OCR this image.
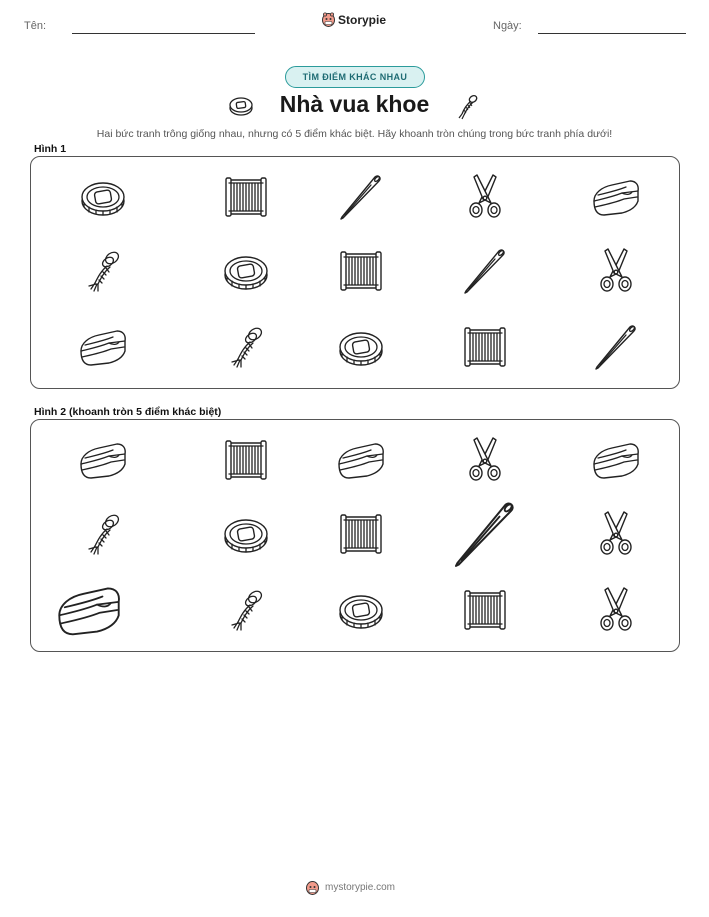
Tên:	Storypie	Ngày:
TÌM ĐIỂM KHÁC NHAU
Nhà vua khoe
Hai bức tranh trông giống nhau, nhưng có 5 điểm khác biệt. Hãy khoanh tròn chúng trong bức tranh phía dưới!
Hình 1
Hình 2 (khoanh tròn 5 điểm khác biệt)
mystorypie.com
